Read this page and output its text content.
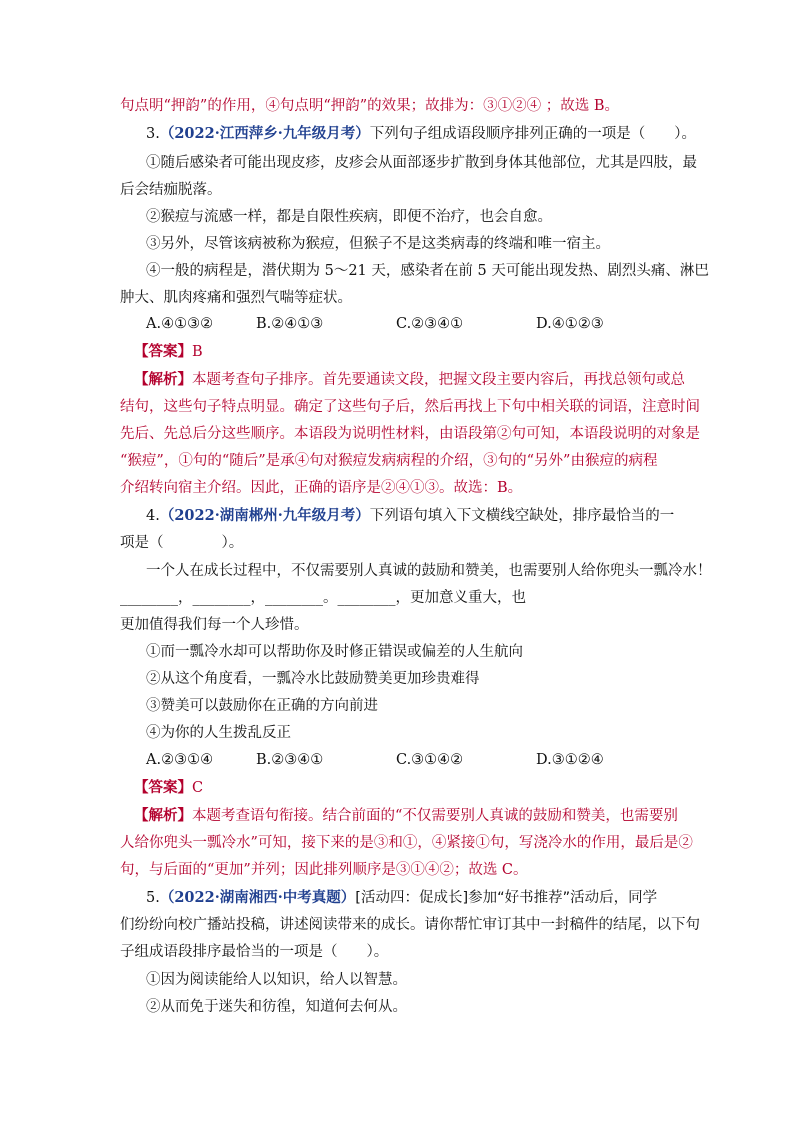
句点明“押韵”的作用，④句点明“押韵”的效果；故排为：③①②④ ；故选 B。
3.（2022·江西萍乡·九年级月考）下列句子组成语段顺序排列正确的一项是（　　）。
①随后感染者可能出现皮疹，皮疹会从面部逐步扩散到身体其他部位，尤其是四肢，最
后会结痂脱落。
②猴痘与流感一样，都是自限性疾病，即便不治疗，也会自愈。
③另外，尽管该病被称为猴痘，但猴子不是这类病毒的终端和唯一宿主。
④一般的病程是，潜伏期为 5～21 天，感染者在前 5 天可能出现发热、剧烈头痛、淋巴
肿大、肌肉疼痛和强烈气喘等症状。
A.④①③②	B.②④①③	C.②③④①	D.④①②③
【答案】B
【解析】本题考查句子排序。首先要通读文段，把握文段主要内容后，再找总领句或总
结句，这些句子特点明显。确定了这些句子后，然后再找上下句中相关联的词语，注意时间
先后、先总后分这些顺序。本语段为说明性材料，由语段第②句可知，本语段说明的对象是
“猴痘”，①句的“随后”是承④句对猴痘发病病程的介绍，③句的“另外”由猴痘的病程
介绍转向宿主介绍。因此，正确的语序是②④①③。故选：B。
4.（2022·湖南郴州·九年级月考）下列语句填入下文横线空缺处，排序最恰当的一
项是（　　　　）。
一个人在成长过程中，不仅需要别人真诚的鼓励和赞美，也需要别人给你兜头一瓢冷水！
________，________，________。________，更加意义重大，也
更加值得我们每一个人珍惜。
①而一瓢冷水却可以帮助你及时修正错误或偏差的人生航向
②从这个角度看，一瓢冷水比鼓励赞美更加珍贵难得
③赞美可以鼓励你在正确的方向前进
④为你的人生拨乱反正
A.②③①④	B.②③④①	C.③①④②	D.③①②④
【答案】C
【解析】本题考查语句衔接。结合前面的“不仅需要别人真诚的鼓励和赞美，也需要别
人给你兜头一瓢冷水”可知，接下来的是③和①，④紧接①句，写浇冷水的作用，最后是②
句，与后面的“更加”并列；因此排列顺序是③①④②；故选 C。
5.（2022·湖南湘西·中考真题）[活动四：促成长]参加“好书推荐”活动后，同学
们纷纷向校广播站投稿，讲述阅读带来的成长。请你帮忙审订其中一封稿件的结尾，以下句
子组成语段排序最恰当的一项是（　　）。
①因为阅读能给人以知识，给人以智慧。
②从而免于迷失和彷徨，知道何去何从。
